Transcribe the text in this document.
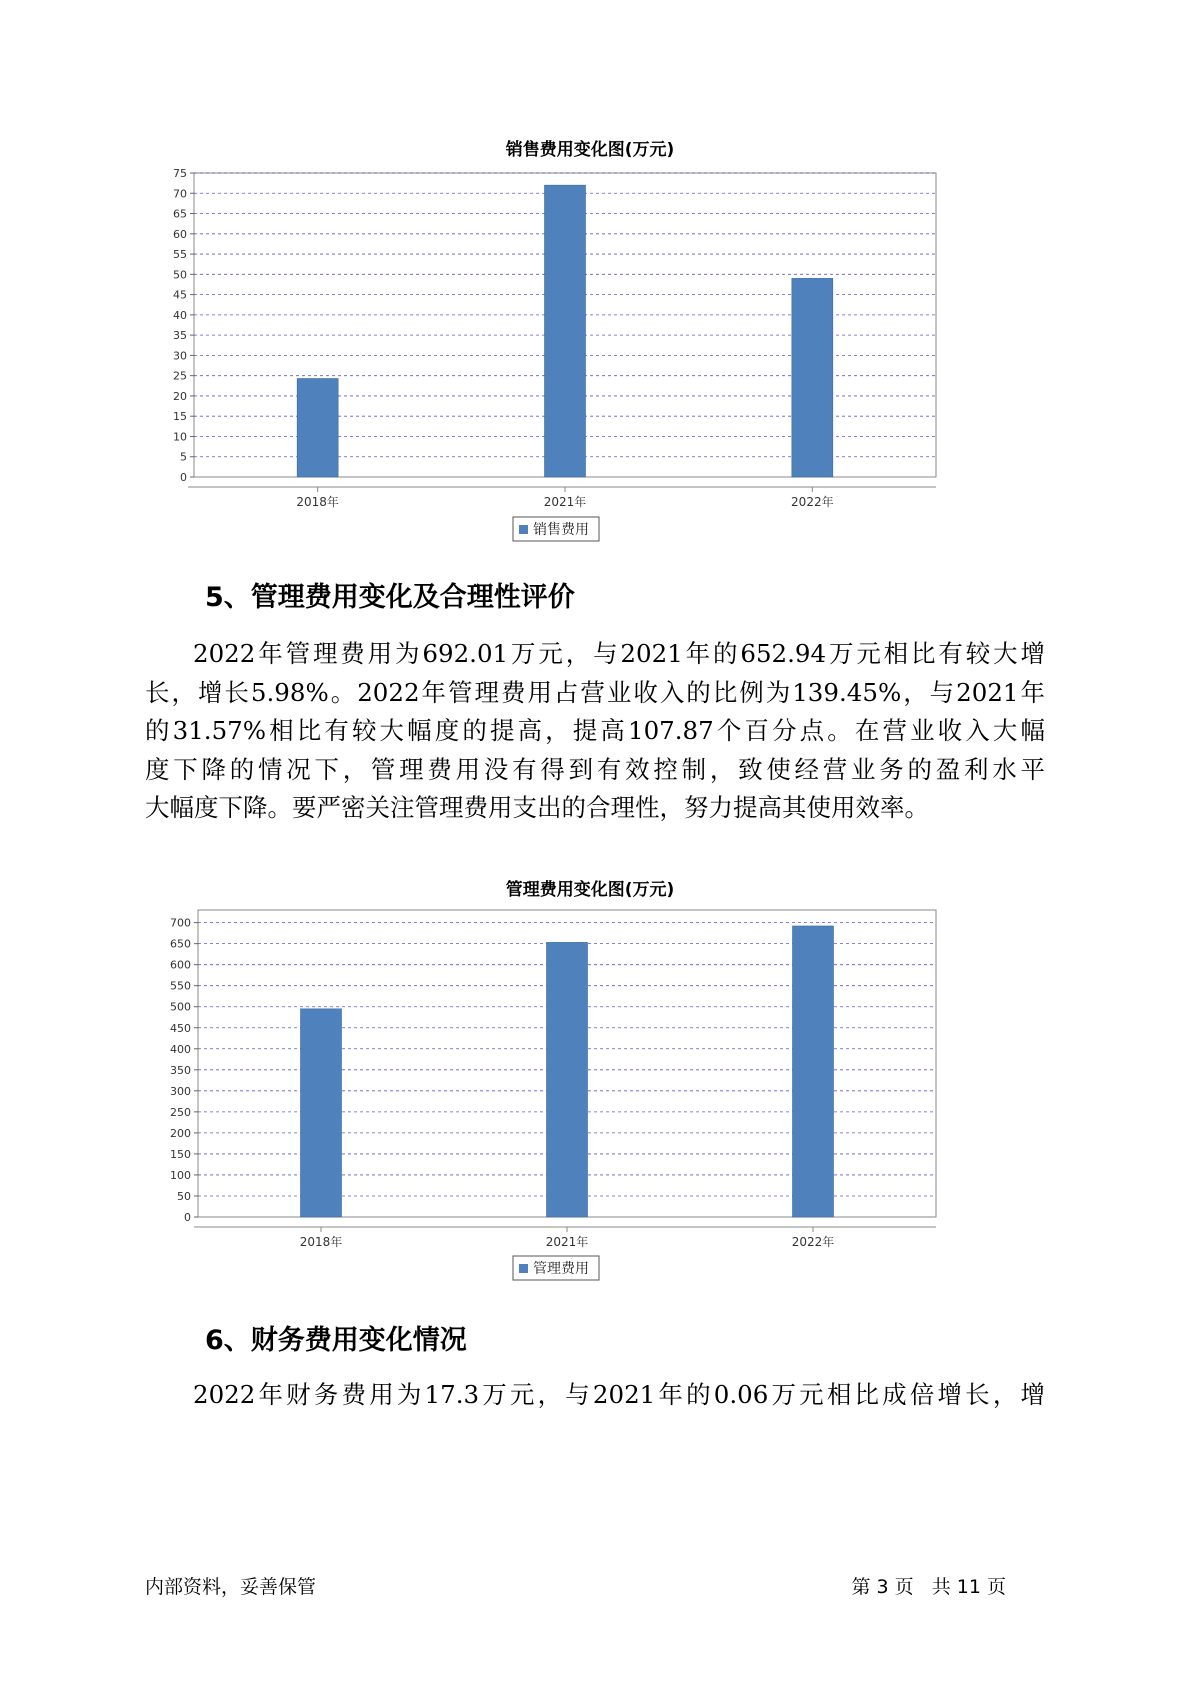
销售费用变化图(万元)
0
5
10
15
20
25
30
35
40
45
50
55
60
65
70
75
2018年	2021年	2022年
销售费用
5、管理费用变化及合理性评价
2022年管理费用为692.01万元，与2021年的652.94万元相比有较大增
长，增长5.98%。2022年管理费用占营业收入的比例为139.45%，与2021年
的31.57%相比有较大幅度的提高，提高107.87个百分点。在营业收入大幅
度下降的情况下，管理费用没有得到有效控制，致使经营业务的盈利水平
大幅度下降。要严密关注管理费用支出的合理性，努力提高其使用效率。
管理费用变化图(万元)
0
50
100
150
200
250
300
350
400
450
500
550
600
650
700
2018年	2021年	2022年
管理费用
6、财务费用变化情况
2022年财务费用为17.3万元，与2021年的0.06万元相比成倍增长，增
内部资料，妥善保管	第 3 页   共 11 页
